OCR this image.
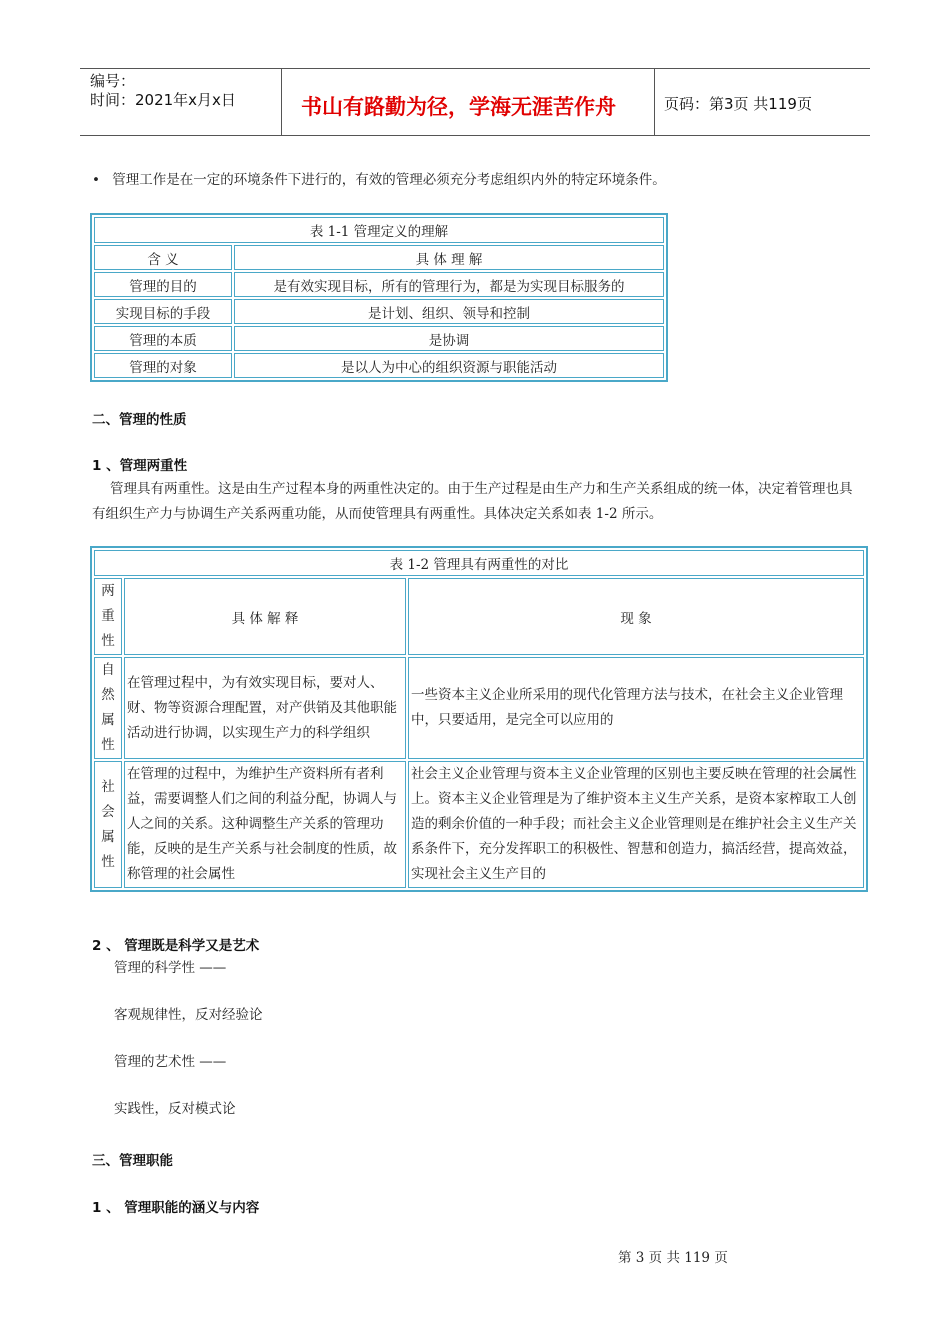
编号：
时间：2021年x月x日	书山有路勤为径，学海无涯苦作舟	页码：第3页 共119页
• 管理工作是在一定的环境条件下进行的，有效的管理必须充分考虑组织内外的特定环境条件。
表 1-1 管理定义的理解	
含 义	具 体 理 解
管理的目的	是有效实现目标，所有的管理行为，都是为实现目标服务的
实现目标的手段	是计划、组织、领导和控制
管理的本质	是协调
管理的对象	是以人为中心的组织资源与职能活动
二、管理的性质
1 、管理两重性
管理具有两重性。这是由生产过程本身的两重性决定的。由于生产过程是由生产力和生产关系组成的统一体，决定着管理也具有组织生产力与协调生产关系两重功能，从而使管理具有两重性。具体决定关系如表 1-2 所示。
表 1-2 管理具有两重性的对比		
两重性	具 体 解 释	现 象
自然属性	在管理过程中，为有效实现目标，要对人、财、物等资源合理配置，对产供销及其他职能活动进行协调，以实现生产力的科学组织	一些资本主义企业所采用的现代化管理方法与技术，在社会主义企业管理中，只要适用，是完全可以应用的
社会属性	在管理的过程中，为维护生产资料所有者利益，需要调整人们之间的利益分配，协调人与人之间的关系。这种调整生产关系的管理功能，反映的是生产关系与社会制度的性质，故称管理的社会属性	社会主义企业管理与资本主义企业管理的区别也主要反映在管理的社会属性上。资本主义企业管理是为了维护资本主义生产关系，是资本家榨取工人创造的剩余价值的一种手段；而社会主义企业管理则是在维护社会主义生产关系条件下，充分发挥职工的积极性、智慧和创造力，搞活经营，提高效益，实现社会主义生产目的
2 、 管理既是科学又是艺术
管理的科学性 ——
客观规律性，反对经验论
管理的艺术性 ——
实践性，反对模式论
三、管理职能
1 、 管理职能的涵义与内容
第 3 页 共 119 页
